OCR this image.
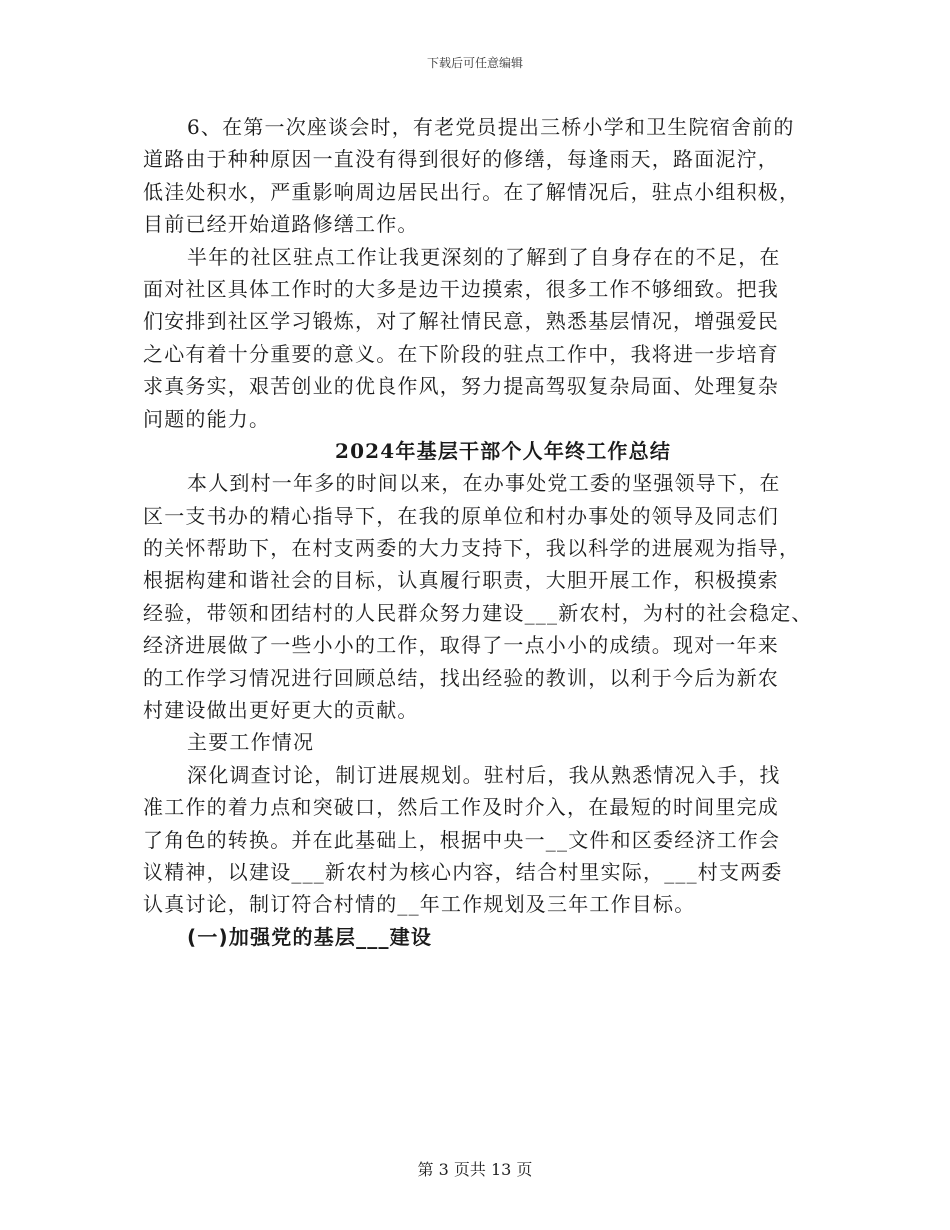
下载后可任意编辑
6、在第一次座谈会时，有老党员提出三桥小学和卫生院宿舍前的
道路由于种种原因一直没有得到很好的修缮，每逢雨天，路面泥泞，
低洼处积水，严重影响周边居民出行。在了解情况后，驻点小组积极，
目前已经开始道路修缮工作。
半年的社区驻点工作让我更深刻的了解到了自身存在的不足，在
面对社区具体工作时的大多是边干边摸索，很多工作不够细致。把我
们安排到社区学习锻炼，对了解社情民意，熟悉基层情况，增强爱民
之心有着十分重要的意义。在下阶段的驻点工作中，我将进一步培育
求真务实，艰苦创业的优良作风，努力提高驾驭复杂局面、处理复杂
问题的能力。
2024年基层干部个人年终工作总结
本人到村一年多的时间以来，在办事处党工委的坚强领导下，在
区一支书办的精心指导下，在我的原单位和村办事处的领导及同志们
的关怀帮助下，在村支两委的大力支持下，我以科学的进展观为指导，
根据构建和谐社会的目标，认真履行职责，大胆开展工作，积极摸索
经验，带领和团结村的人民群众努力建设___新农村，为村的社会稳定、
经济进展做了一些小小的工作，取得了一点小小的成绩。现对一年来
的工作学习情况进行回顾总结，找出经验的教训，以利于今后为新农
村建设做出更好更大的贡献。
主要工作情况
深化调查讨论，制订进展规划。驻村后，我从熟悉情况入手，找
准工作的着力点和突破口，然后工作及时介入，在最短的时间里完成
了角色的转换。并在此基础上，根据中央一__文件和区委经济工作会
议精神，以建设___新农村为核心内容，结合村里实际，___村支两委
认真讨论，制订符合村情的__年工作规划及三年工作目标。
(一)加强党的基层___建设
第 3 页共 13 页
